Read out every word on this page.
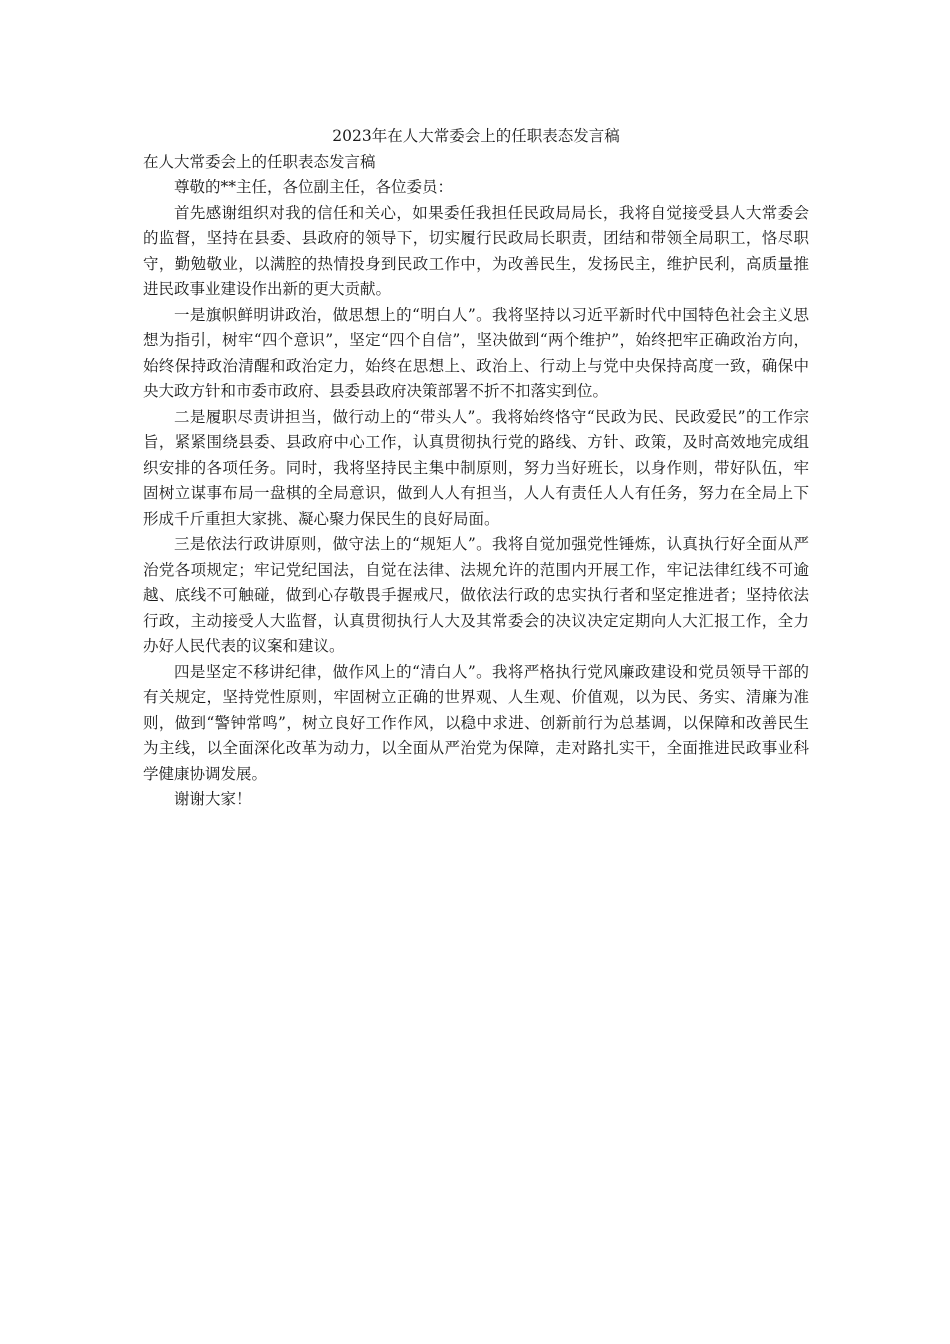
2023年在人大常委会上的任职表态发言稿

在人大常委会上的任职表态发言稿

尊敬的**主任，各位副主任，各位委员：

首先感谢组织对我的信任和关心，如果委任我担任民政局局长，我将自觉接受县人大常委会的监督，坚持在县委、县政府的领导下，切实履行民政局长职责，团结和带领全局职工，恪尽职守，勤勉敬业，以满腔的热情投身到民政工作中，为改善民生，发扬民主，维护民利，高质量推进民政事业建设作出新的更大贡献。

一是旗帜鲜明讲政治，做思想上的“明白人”。我将坚持以习近平新时代中国特色社会主义思想为指引，树牢“四个意识”，坚定“四个自信”，坚决做到“两个维护”，始终把牢正确政治方向，始终保持政治清醒和政治定力，始终在思想上、政治上、行动上与党中央保持高度一致，确保中央大政方针和市委市政府、县委县政府决策部署不折不扣落实到位。

二是履职尽责讲担当，做行动上的“带头人”。我将始终恪守“民政为民、民政爱民”的工作宗旨，紧紧围绕县委、县政府中心工作，认真贯彻执行党的路线、方针、政策，及时高效地完成组织安排的各项任务。同时，我将坚持民主集中制原则，努力当好班长，以身作则，带好队伍，牢固树立谋事布局一盘棋的全局意识，做到人人有担当，人人有责任人人有任务，努力在全局上下形成千斤重担大家挑、凝心聚力保民生的良好局面。

三是依法行政讲原则，做守法上的“规矩人”。我将自觉加强党性锤炼，认真执行好全面从严治党各项规定；牢记党纪国法，自觉在法律、法规允许的范围内开展工作，牢记法律红线不可逾越、底线不可触碰，做到心存敬畏手握戒尺，做依法行政的忠实执行者和坚定推进者；坚持依法行政，主动接受人大监督，认真贯彻执行人大及其常委会的决议决定定期向人大汇报工作，全力办好人民代表的议案和建议。

四是坚定不移讲纪律，做作风上的“清白人”。我将严格执行党风廉政建设和党员领导干部的有关规定，坚持党性原则，牢固树立正确的世界观、人生观、价值观，以为民、务实、清廉为准则，做到“警钟常鸣”，树立良好工作作风，以稳中求进、创新前行为总基调，以保障和改善民生为主线，以全面深化改革为动力，以全面从严治党为保障，走对路扎实干，全面推进民政事业科学健康协调发展。

谢谢大家！
